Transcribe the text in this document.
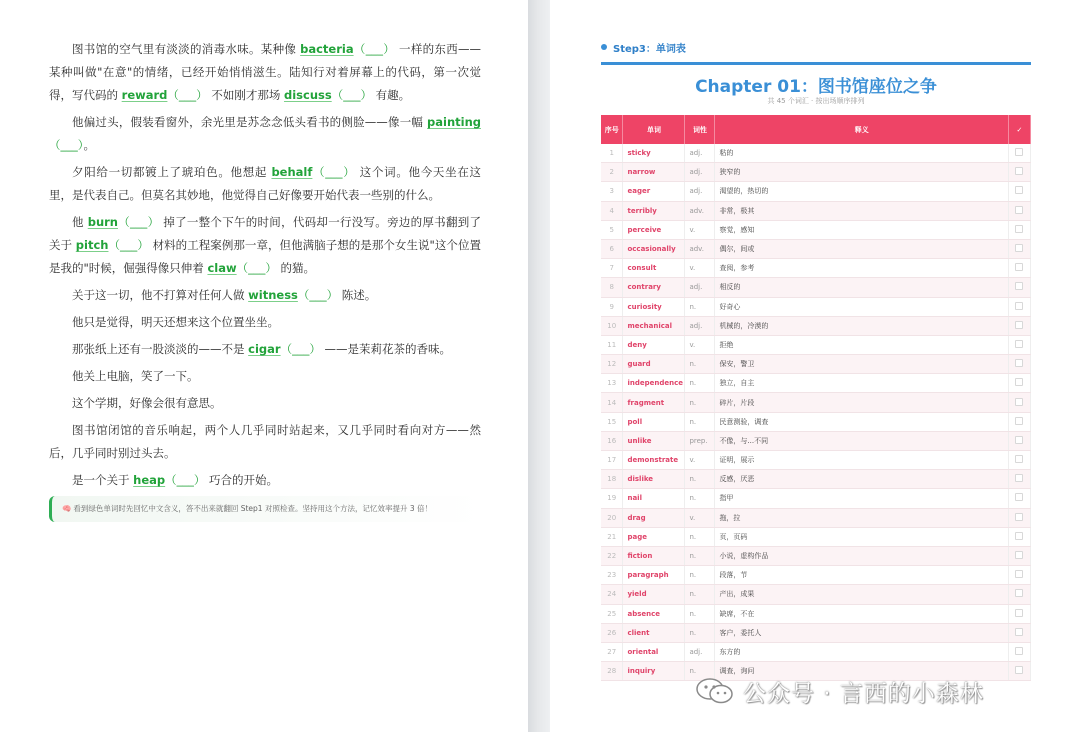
图书馆的空气里有淡淡的消毒水味。某种像 bacteria（___） 一样的东西——某种叫做"在意"的情绪，已经开始悄悄滋生。陆知行对着屏幕上的代码，第一次觉得，写代码的 reward（___） 不如刚才那场 discuss（___） 有趣。

他偏过头，假装看窗外，余光里是苏念念低头看书的侧脸——像一幅 painting（___）。

夕阳给一切都镀上了琥珀色。他想起 behalf（___） 这个词。他今天坐在这里，是代表自己。但莫名其妙地，他觉得自己好像要开始代表一些别的什么。

他 burn（___） 掉了一整个下午的时间，代码却一行没写。旁边的厚书翻到了关于 pitch（___） 材料的工程案例那一章，但他满脑子想的是那个女生说"这个位置是我的"时候，倔强得像只伸着 claw（___） 的猫。

关于这一切，他不打算对任何人做 witness（___） 陈述。

他只是觉得，明天还想来这个位置坐坐。

那张纸上还有一股淡淡的——不是 cigar（___） ——是茉莉花茶的香味。

他关上电脑，笑了一下。

这个学期，好像会很有意思。

图书馆闭馆的音乐响起，两个人几乎同时站起来，又几乎同时看向对方——然后，几乎同时别过头去。

是一个关于 heap（___） 巧合的开始。

🧠 看到绿色单词时先回忆中文含义，答不出来就翻回 Step1 对照检查。坚持用这个方法，记忆效率提升 3 倍！
Step3：单词表
Chapter 01：图书馆座位之争
共 45 个词汇 · 按出场顺序排列
序号	单词	词性	释义	✓
1	sticky	adj.	粘的	
2	narrow	adj.	狭窄的	
3	eager	adj.	渴望的，热切的	
4	terribly	adv.	非常，极其	
5	perceive	v.	察觉，感知	
6	occasionally	adv.	偶尔，间或	
7	consult	v.	查阅，参考	
8	contrary	adj.	相反的	
9	curiosity	n.	好奇心	
10	mechanical	adj.	机械的，冷漠的	
11	deny	v.	拒绝	
12	guard	n.	保安，警卫	
13	independence	n.	独立，自主	
14	fragment	n.	碎片，片段	
15	poll	n.	民意测验，调查	
16	unlike	prep.	不像，与...不同	
17	demonstrate	v.	证明，展示	
18	dislike	n.	反感，厌恶	
19	nail	n.	指甲	
20	drag	v.	拖，拉	
21	page	n.	页，页码	
22	fiction	n.	小说，虚构作品	
23	paragraph	n.	段落，节	
24	yield	n.	产出，成果	
25	absence	n.	缺席，不在	
26	client	n.	客户，委托人	
27	oriental	adj.	东方的	
28	inquiry	n.	调查，询问	
公众号 · 言西的小森林
